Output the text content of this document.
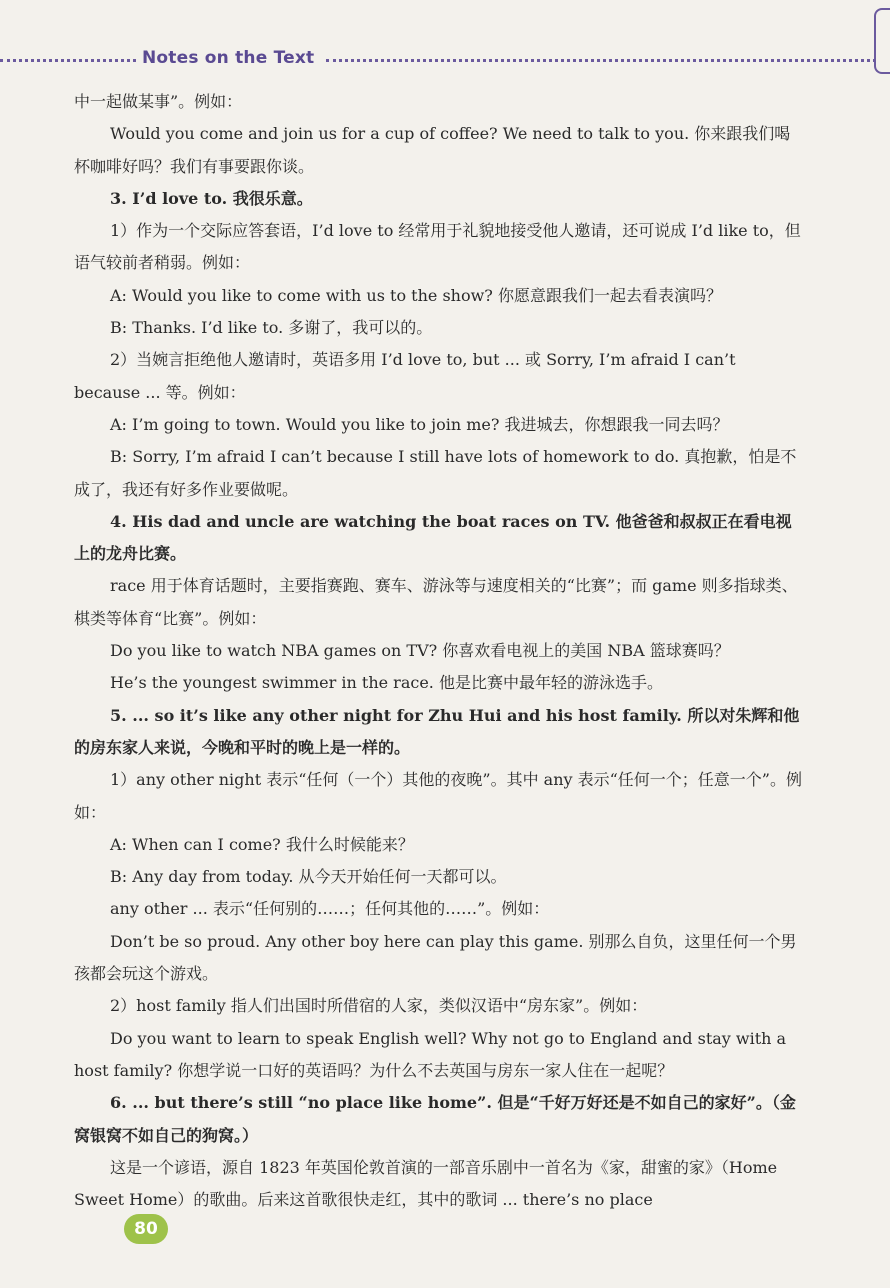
Notes on the Text

中一起做某事”。例如：

Would you come and join us for a cup of coffee? We need to talk to you. 你来跟我们喝杯咖啡好吗？我们有事要跟你谈。

3. I’d love to. 我很乐意。

1）作为一个交际应答套语，I’d love to 经常用于礼貌地接受他人邀请，还可说成 I’d like to，但语气较前者稍弱。例如：

A: Would you like to come with us to the show? 你愿意跟我们一起去看表演吗？

B: Thanks. I’d like to. 多谢了，我可以的。

2）当婉言拒绝他人邀请时，英语多用 I’d love to, but ... 或 Sorry, I’m afraid I can’t because ... 等。例如：

A: I’m going to town. Would you like to join me? 我进城去，你想跟我一同去吗？

B: Sorry, I’m afraid I can’t because I still have lots of homework to do. 真抱歉，怕是不成了，我还有好多作业要做呢。

4. His dad and uncle are watching the boat races on TV. 他爸爸和叔叔正在看电视上的龙舟比赛。

race 用于体育话题时，主要指赛跑、赛车、游泳等与速度相关的“比赛”；而 game 则多指球类、棋类等体育“比赛”。例如：

Do you like to watch NBA games on TV? 你喜欢看电视上的美国 NBA 篮球赛吗？

He’s the youngest swimmer in the race. 他是比赛中最年轻的游泳选手。

5. ... so it’s like any other night for Zhu Hui and his host family. 所以对朱辉和他的房东家人来说，今晚和平时的晚上是一样的。

1）any other night 表示“任何（一个）其他的夜晚”。其中 any 表示“任何一个；任意一个”。例如：

A: When can I come? 我什么时候能来？

B: Any day from today. 从今天开始任何一天都可以。

any other ... 表示“任何别的……；任何其他的……”。例如：

Don’t be so proud. Any other boy here can play this game. 别那么自负，这里任何一个男孩都会玩这个游戏。

2）host family 指人们出国时所借宿的人家，类似汉语中“房东家”。例如：

Do you want to learn to speak English well? Why not go to England and stay with a host family? 你想学说一口好的英语吗？为什么不去英国与房东一家人住在一起呢？

6. ... but there’s still “no place like home”. 但是“千好万好还是不如自己的家好”。（金窝银窝不如自己的狗窝。）

这是一个谚语，源自 1823 年英国伦敦首演的一部音乐剧中一首名为《家，甜蜜的家》（Home Sweet Home）的歌曲。后来这首歌很快走红，其中的歌词 ... there’s no place

80
